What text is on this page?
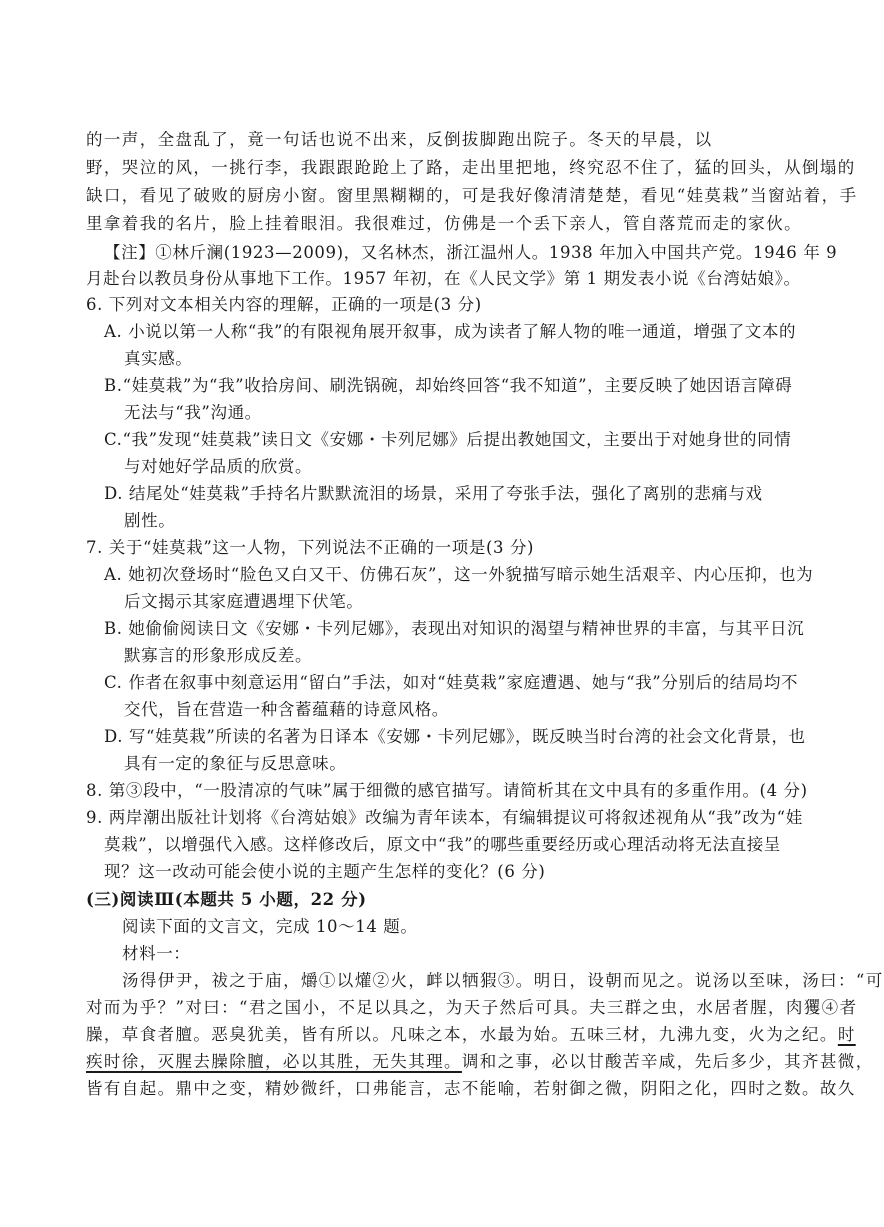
的一声，全盘乱了，竟一句话也说不出来，反倒拔脚跑出院子。冬天的早晨，以
野，哭泣的风，一挑行李，我跟跟跄跄上了路，走出里把地，终究忍不住了，猛的回头，从倒塌的
缺口，看见了破败的厨房小窗。窗里黑糊糊的，可是我好像清清楚楚，看见“娃莫栽”当窗站着，手
里拿着我的名片，脸上挂着眼泪。我很难过，仿佛是一个丢下亲人，管自落荒而走的家伙。
【注】①林斤澜(1923—2009)，又名林杰，浙江温州人。1938 年加入中国共产党。1946 年 9
月赴台以教员身份从事地下工作。1957 年初，在《人民文学》第 1 期发表小说《台湾姑娘》。
6. 下列对文本相关内容的理解，正确的一项是(3 分)
A. 小说以第一人称“我”的有限视角展开叙事，成为读者了解人物的唯一通道，增强了文本的
真实感。
B.“娃莫栽”为“我”收拾房间、刷洗锅碗，却始终回答“我不知道”，主要反映了她因语言障碍
无法与“我”沟通。
C.“我”发现“娃莫栽”读日文《安娜・卡列尼娜》后提出教她国文，主要出于对她身世的同情
与对她好学品质的欣赏。
D. 结尾处“娃莫栽”手持名片默默流泪的场景，采用了夸张手法，强化了离别的悲痛与戏
剧性。
7. 关于“娃莫栽”这一人物，下列说法不正确的一项是(3 分)
A. 她初次登场时“脸色又白又干、仿佛石灰”，这一外貌描写暗示她生活艰辛、内心压抑，也为
后文揭示其家庭遭遇埋下伏笔。
B. 她偷偷阅读日文《安娜・卡列尼娜》，表现出对知识的渴望与精神世界的丰富，与其平日沉
默寡言的形象形成反差。
C. 作者在叙事中刻意运用“留白”手法，如对“娃莫栽”家庭遭遇、她与“我”分别后的结局均不
交代，旨在营造一种含蓄蕴藉的诗意风格。
D. 写“娃莫栽”所读的名著为日译本《安娜・卡列尼娜》，既反映当时台湾的社会文化背景，也
具有一定的象征与反思意味。
8. 第③段中，“一股清凉的气味”属于细微的感官描写。请简析其在文中具有的多重作用。(4 分)
9. 两岸潮出版社计划将《台湾姑娘》改编为青年读本，有编辑提议可将叙述视角从“我”改为“娃
莫栽”，以增强代入感。这样修改后，原文中“我”的哪些重要经历或心理活动将无法直接呈
现？这一改动可能会使小说的主题产生怎样的变化？(6 分)
(三)阅读Ⅲ(本题共 5 小题，22 分)
阅读下面的文言文，完成 10～14 题。
材料一：
汤得伊尹，祓之于庙，爝①以爟②火，衅以牺猳③。明日，设朝而见之。说汤以至味，汤曰：“可
对而为乎？”对曰：“君之国小，不足以具之，为天子然后可具。夫三群之虫，水居者腥，肉玃④者
臊，草食者膻。恶臭犹美，皆有所以。凡味之本，水最为始。五味三材，九沸九变，火为之纪。时
疾时徐，灭腥去臊除膻，必以其胜，无失其理。调和之事，必以甘酸苦辛咸，先后多少，其齐甚微，
皆有自起。鼎中之变，精妙微纤，口弗能言，志不能喻，若射御之微，阴阳之化，四时之数。故久
